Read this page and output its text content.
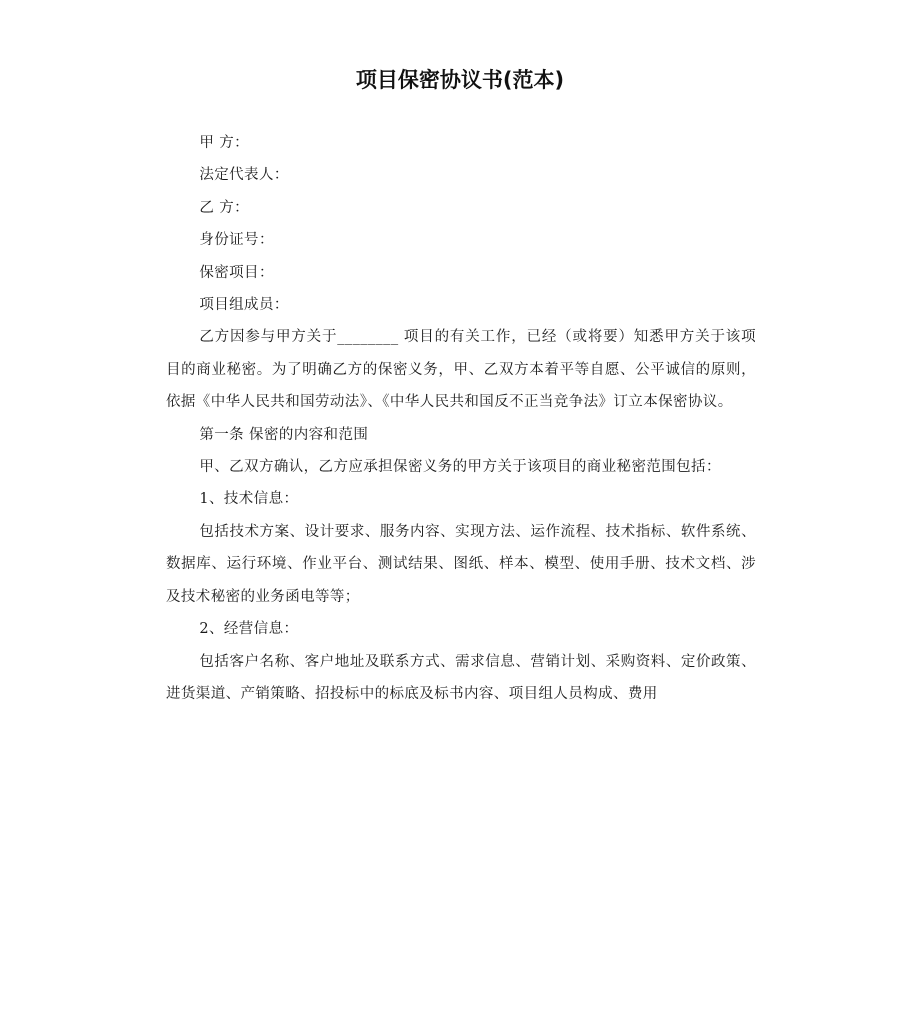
项目保密协议书(范本)

甲 方：

法定代表人：

乙 方：

身份证号：

保密项目：

项目组成员：

乙方因参与甲方关于________ 项目的有关工作，已经（或将要）知悉甲方关于该项目的商业秘密。为了明确乙方的保密义务，甲、乙双方本着平等自愿、公平诚信的原则，依据《中华人民共和国劳动法》、《中华人民共和国反不正当竞争法》订立本保密协议。

第一条 保密的内容和范围

甲、乙双方确认，乙方应承担保密义务的甲方关于该项目的商业秘密范围包括：

1、技术信息：

包括技术方案、设计要求、服务内容、实现方法、运作流程、技术指标、软件系统、数据库、运行环境、作业平台、测试结果、图纸、样本、模型、使用手册、技术文档、涉及技术秘密的业务函电等等；

2、经营信息：

包括客户名称、客户地址及联系方式、需求信息、营销计划、采购资料、定价政策、进货渠道、产销策略、招投标中的标底及标书内容、项目组人员构成、费用
